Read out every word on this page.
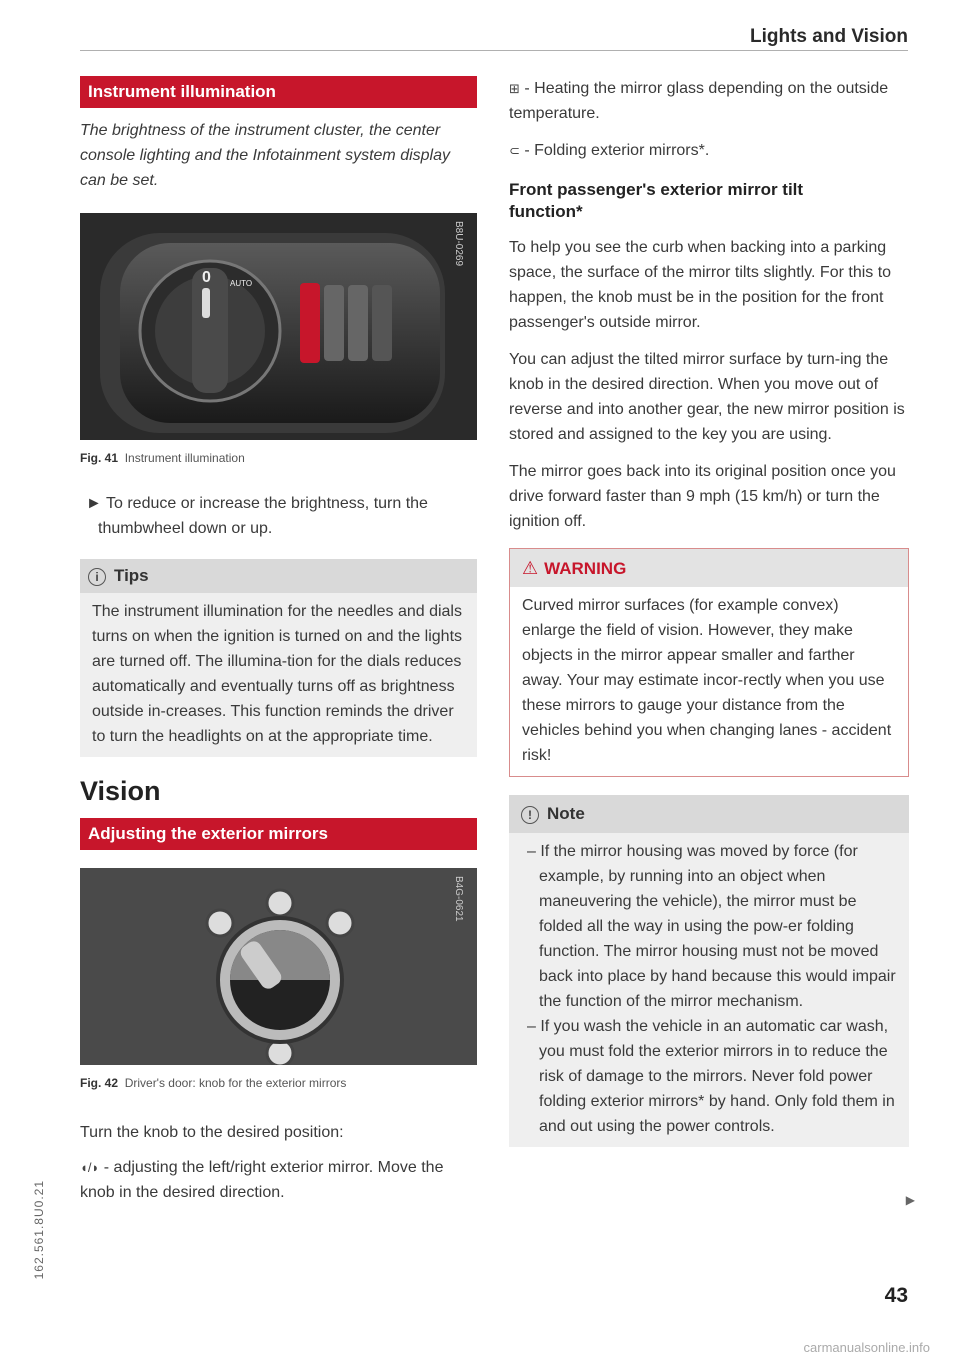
Lights and Vision
Instrument illumination

The brightness of the instrument cluster, the center console lighting and the Infotainment system display can be set.

0 AUTO
B8U-0269
Fig. 41 Instrument illumination

► To reduce or increase the brightness, turn the thumbwheel down or up.

i Tips
The instrument illumination for the needles and dials turns on when the ignition is turned on and the lights are turned off. The illumina-tion for the dials reduces automatically and eventually turns off as brightness outside in-creases. This function reminds the driver to turn the headlights on at the appropriate time.
Vision
Adjusting the exterior mirrors
B4G-0621
Fig. 42 Driver's door: knob for the exterior mirrors

Turn the knob to the desired position:

◖/◗ - adjusting the left/right exterior mirror. Move the knob in the desired direction.

⊞ - Heating the mirror glass depending on the outside temperature.

⊂ - Folding exterior mirrors*.

Front passenger's exterior mirror tilt function*

To help you see the curb when backing into a parking space, the surface of the mirror tilts slightly. For this to happen, the knob must be in the position for the front passenger's outside mirror.

You can adjust the tilted mirror surface by turn-ing the knob in the desired direction. When you move out of reverse and into another gear, the new mirror position is stored and assigned to the key you are using.

The mirror goes back into its original position once you drive forward faster than 9 mph (15 km/h) or turn the ignition off.

⚠ WARNING
Curved mirror surfaces (for example convex) enlarge the field of vision. However, they make objects in the mirror appear smaller and farther away. Your may estimate incor-rectly when you use these mirrors to gauge your distance from the vehicles behind you when changing lanes - accident risk!
! Note

– If the mirror housing was moved by force (for example, by running into an object when maneuvering the vehicle), the mirror must be folded all the way in using the pow-er folding function. The mirror housing must not be moved back into place by hand because this would impair the function of the mirror mechanism.

– If you wash the vehicle in an automatic car wash, you must fold the exterior mirrors in to reduce the risk of damage to the mirrors. Never fold power folding exterior mirrors* by hand. Only fold them in and out using the power controls.

▶
43
162.561.8U0.21
carmanualsonline.info
